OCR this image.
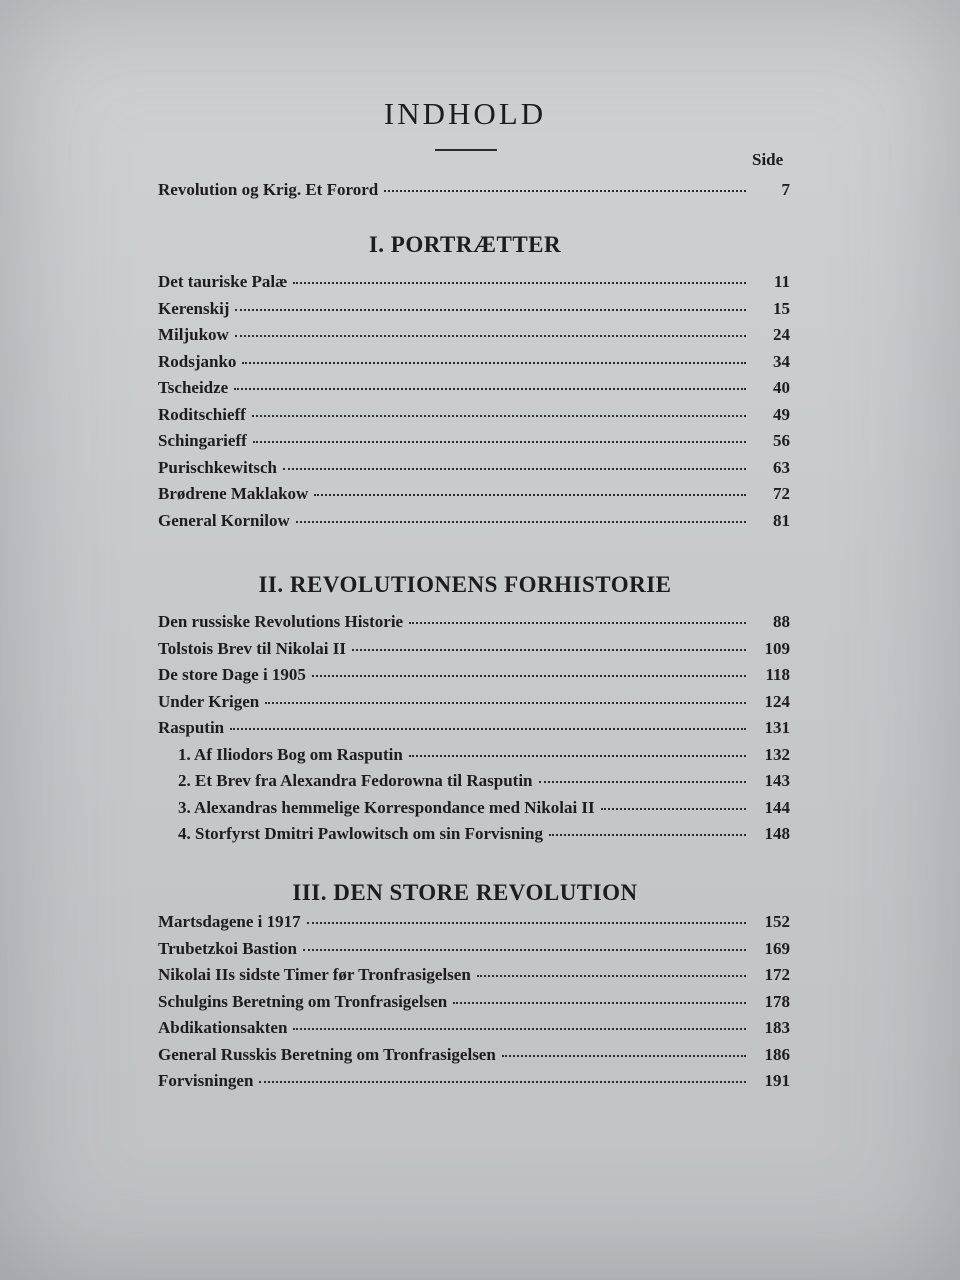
INDHOLD
Side
Revolution og Krig. Et Forord	7
I. PORTRÆTTER
Det tauriske Palæ	11
Kerenskij	15
Miljukow	24
Rodsjanko	34
Tscheidze	40
Roditschieff	49
Schingarieff	56
Purischkewitsch	63
Brødrene Maklakow	72
General Kornilow	81
II. REVOLUTIONENS FORHISTORIE
Den russiske Revolutions Historie	88
Tolstois Brev til Nikolai II	109
De store Dage i 1905	118
Under Krigen	124
Rasputin	131
1. Af Iliodors Bog om Rasputin	132
2. Et Brev fra Alexandra Fedorowna til Rasputin	143
3. Alexandras hemmelige Korrespondance med Nikolai II	144
4. Storfyrst Dmitri Pawlowitsch om sin Forvisning	148
III. DEN STORE REVOLUTION
Martsdagene i 1917	152
Trubetzkoi Bastion	169
Nikolai IIs sidste Timer før Tronfrasigelsen	172
Schulgins Beretning om Tronfrasigelsen	178
Abdikationsakten	183
General Russkis Beretning om Tronfrasigelsen	186
Forvisningen	191
